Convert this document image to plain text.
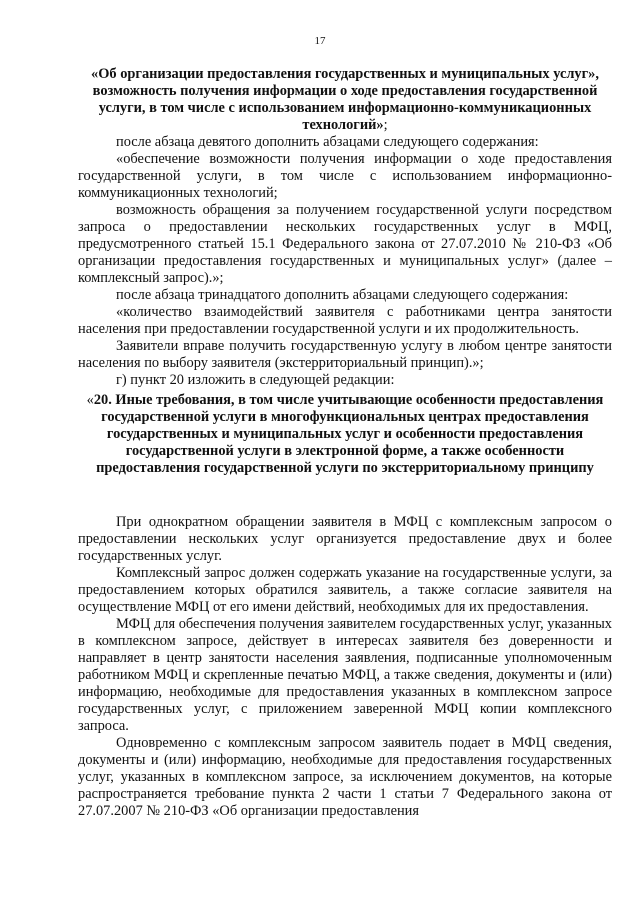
17
«Об организации предоставления государственных и муниципальных услуг», возможность получения информации о ходе предоставления государственной услуги, в том числе с использованием информационно-коммуникационных технологий»;

после абзаца девятого дополнить абзацами следующего содержания:

«обеспечение возможности получения информации о ходе предоставления государственной услуги, в том числе с использованием информационно-коммуникационных технологий;

возможность обращения за получением государственной услуги посредством запроса о предоставлении нескольких государственных услуг в МФЦ, предусмотренного статьей 15.1 Федерального закона от 27.07.2010 № 210-ФЗ «Об организации предоставления государственных и муниципальных услуг» (далее – комплексный запрос).»;

после абзаца тринадцатого дополнить абзацами следующего содержания:

«количество взаимодействий заявителя с работниками центра занятости населения при предоставлении государственной услуги и их продолжительность.

Заявители вправе получить государственную услугу в любом центре занятости населения по выбору заявителя (экстерриториальный принцип).»;

г) пункт 20 изложить в следующей редакции:

«20. Иные требования, в том числе учитывающие особенности предоставления государственной услуги в многофункциональных центрах предоставления государственных и муниципальных услуг и особенности предоставления государственной услуги в электронной форме, а также особенности предоставления государственной услуги по экстерриториальному принципу

При однократном обращении заявителя в МФЦ с комплексным запросом о предоставлении нескольких услуг организуется предоставление двух и более государственных услуг.

Комплексный запрос должен содержать указание на государственные услуги, за предоставлением которых обратился заявитель, а также согласие заявителя на осуществление МФЦ от его имени действий, необходимых для их предоставления.

МФЦ для обеспечения получения заявителем государственных услуг, указанных в комплексном запросе, действует в интересах заявителя без доверенности и направляет в центр занятости населения заявления, подписанные уполномоченным работником МФЦ и скрепленные печатью МФЦ, а также сведения, документы и (или) информацию, необходимые для предоставления указанных в комплексном запросе государственных услуг, с приложением заверенной МФЦ копии комплексного запроса.

Одновременно с комплексным запросом заявитель подает в МФЦ сведения, документы и (или) информацию, необходимые для предоставления государственных услуг, указанных в комплексном запросе, за исключением документов, на которые распространяется требование пункта 2 части 1 статьи 7 Федерального закона от 27.07.2007 № 210-ФЗ «Об организации предоставления
